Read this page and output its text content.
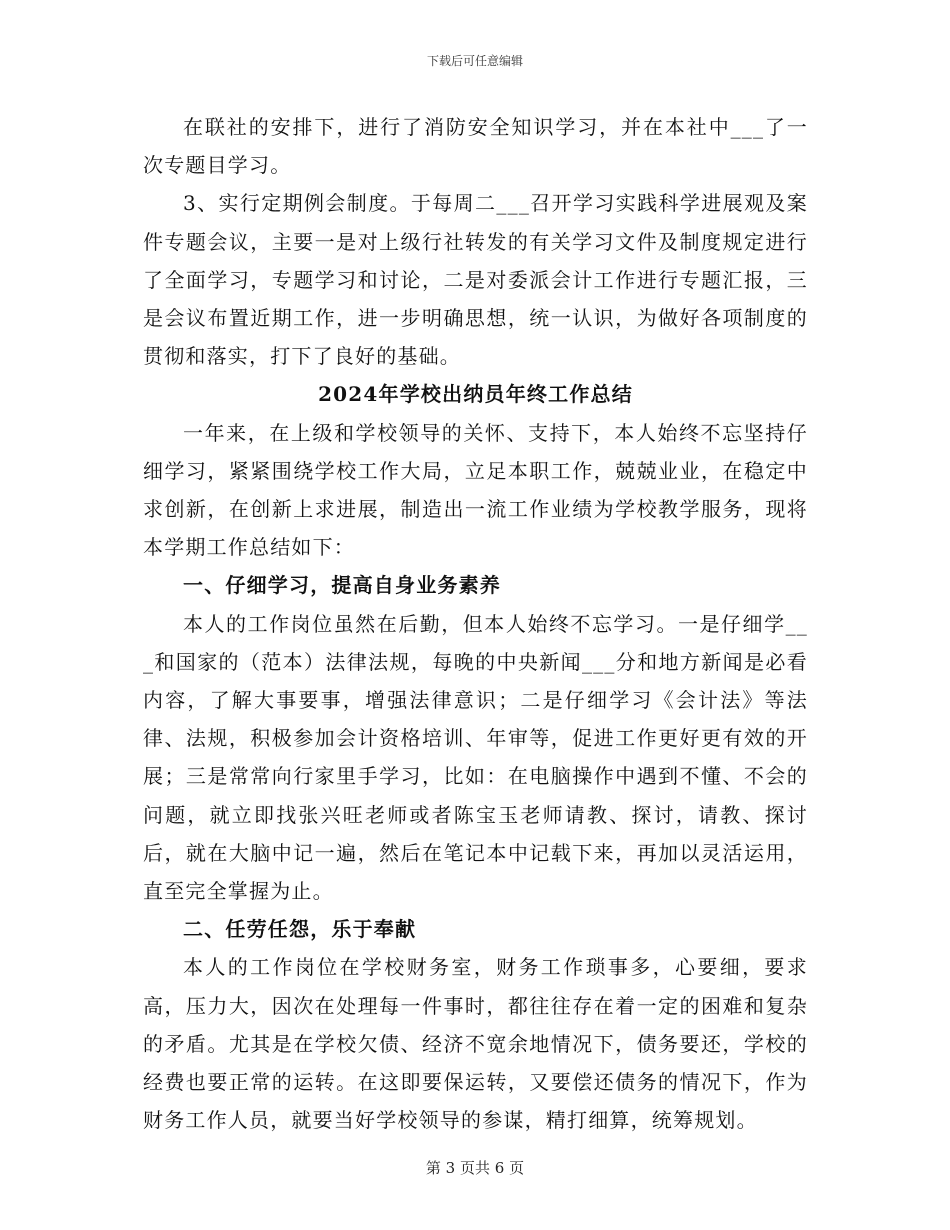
下载后可任意编辑

在联社的安排下，进行了消防安全知识学习，并在本社中___了一次专题目学习。

3、实行定期例会制度。于每周二___召开学习实践科学进展观及案件专题会议，主要一是对上级行社转发的有关学习文件及制度规定进行了全面学习，专题学习和讨论，二是对委派会计工作进行专题汇报，三是会议布置近期工作，进一步明确思想，统一认识，为做好各项制度的贯彻和落实，打下了良好的基础。

2024年学校出纳员年终工作总结

一年来，在上级和学校领导的关怀、支持下，本人始终不忘坚持仔细学习，紧紧围绕学校工作大局，立足本职工作，兢兢业业，在稳定中求创新，在创新上求进展，制造出一流工作业绩为学校教学服务，现将本学期工作总结如下：

一、仔细学习，提高自身业务素养

本人的工作岗位虽然在后勤，但本人始终不忘学习。一是仔细学___和国家的（范本）法律法规，每晚的中央新闻___分和地方新闻是必看内容，了解大事要事，增强法律意识；二是仔细学习《会计法》等法律、法规，积极参加会计资格培训、年审等，促进工作更好更有效的开展；三是常常向行家里手学习，比如：在电脑操作中遇到不懂、不会的问题，就立即找张兴旺老师或者陈宝玉老师请教、探讨，请教、探讨后，就在大脑中记一遍，然后在笔记本中记载下来，再加以灵活运用，直至完全掌握为止。

二、任劳任怨，乐于奉献

本人的工作岗位在学校财务室，财务工作琐事多，心要细，要求高，压力大，因次在处理每一件事时，都往往存在着一定的困难和复杂的矛盾。尤其是在学校欠债、经济不宽余地情况下，债务要还，学校的经费也要正常的运转。在这即要保运转，又要偿还债务的情况下，作为财务工作人员，就要当好学校领导的参谋，精打细算，统筹规划。

第 3 页共 6 页
